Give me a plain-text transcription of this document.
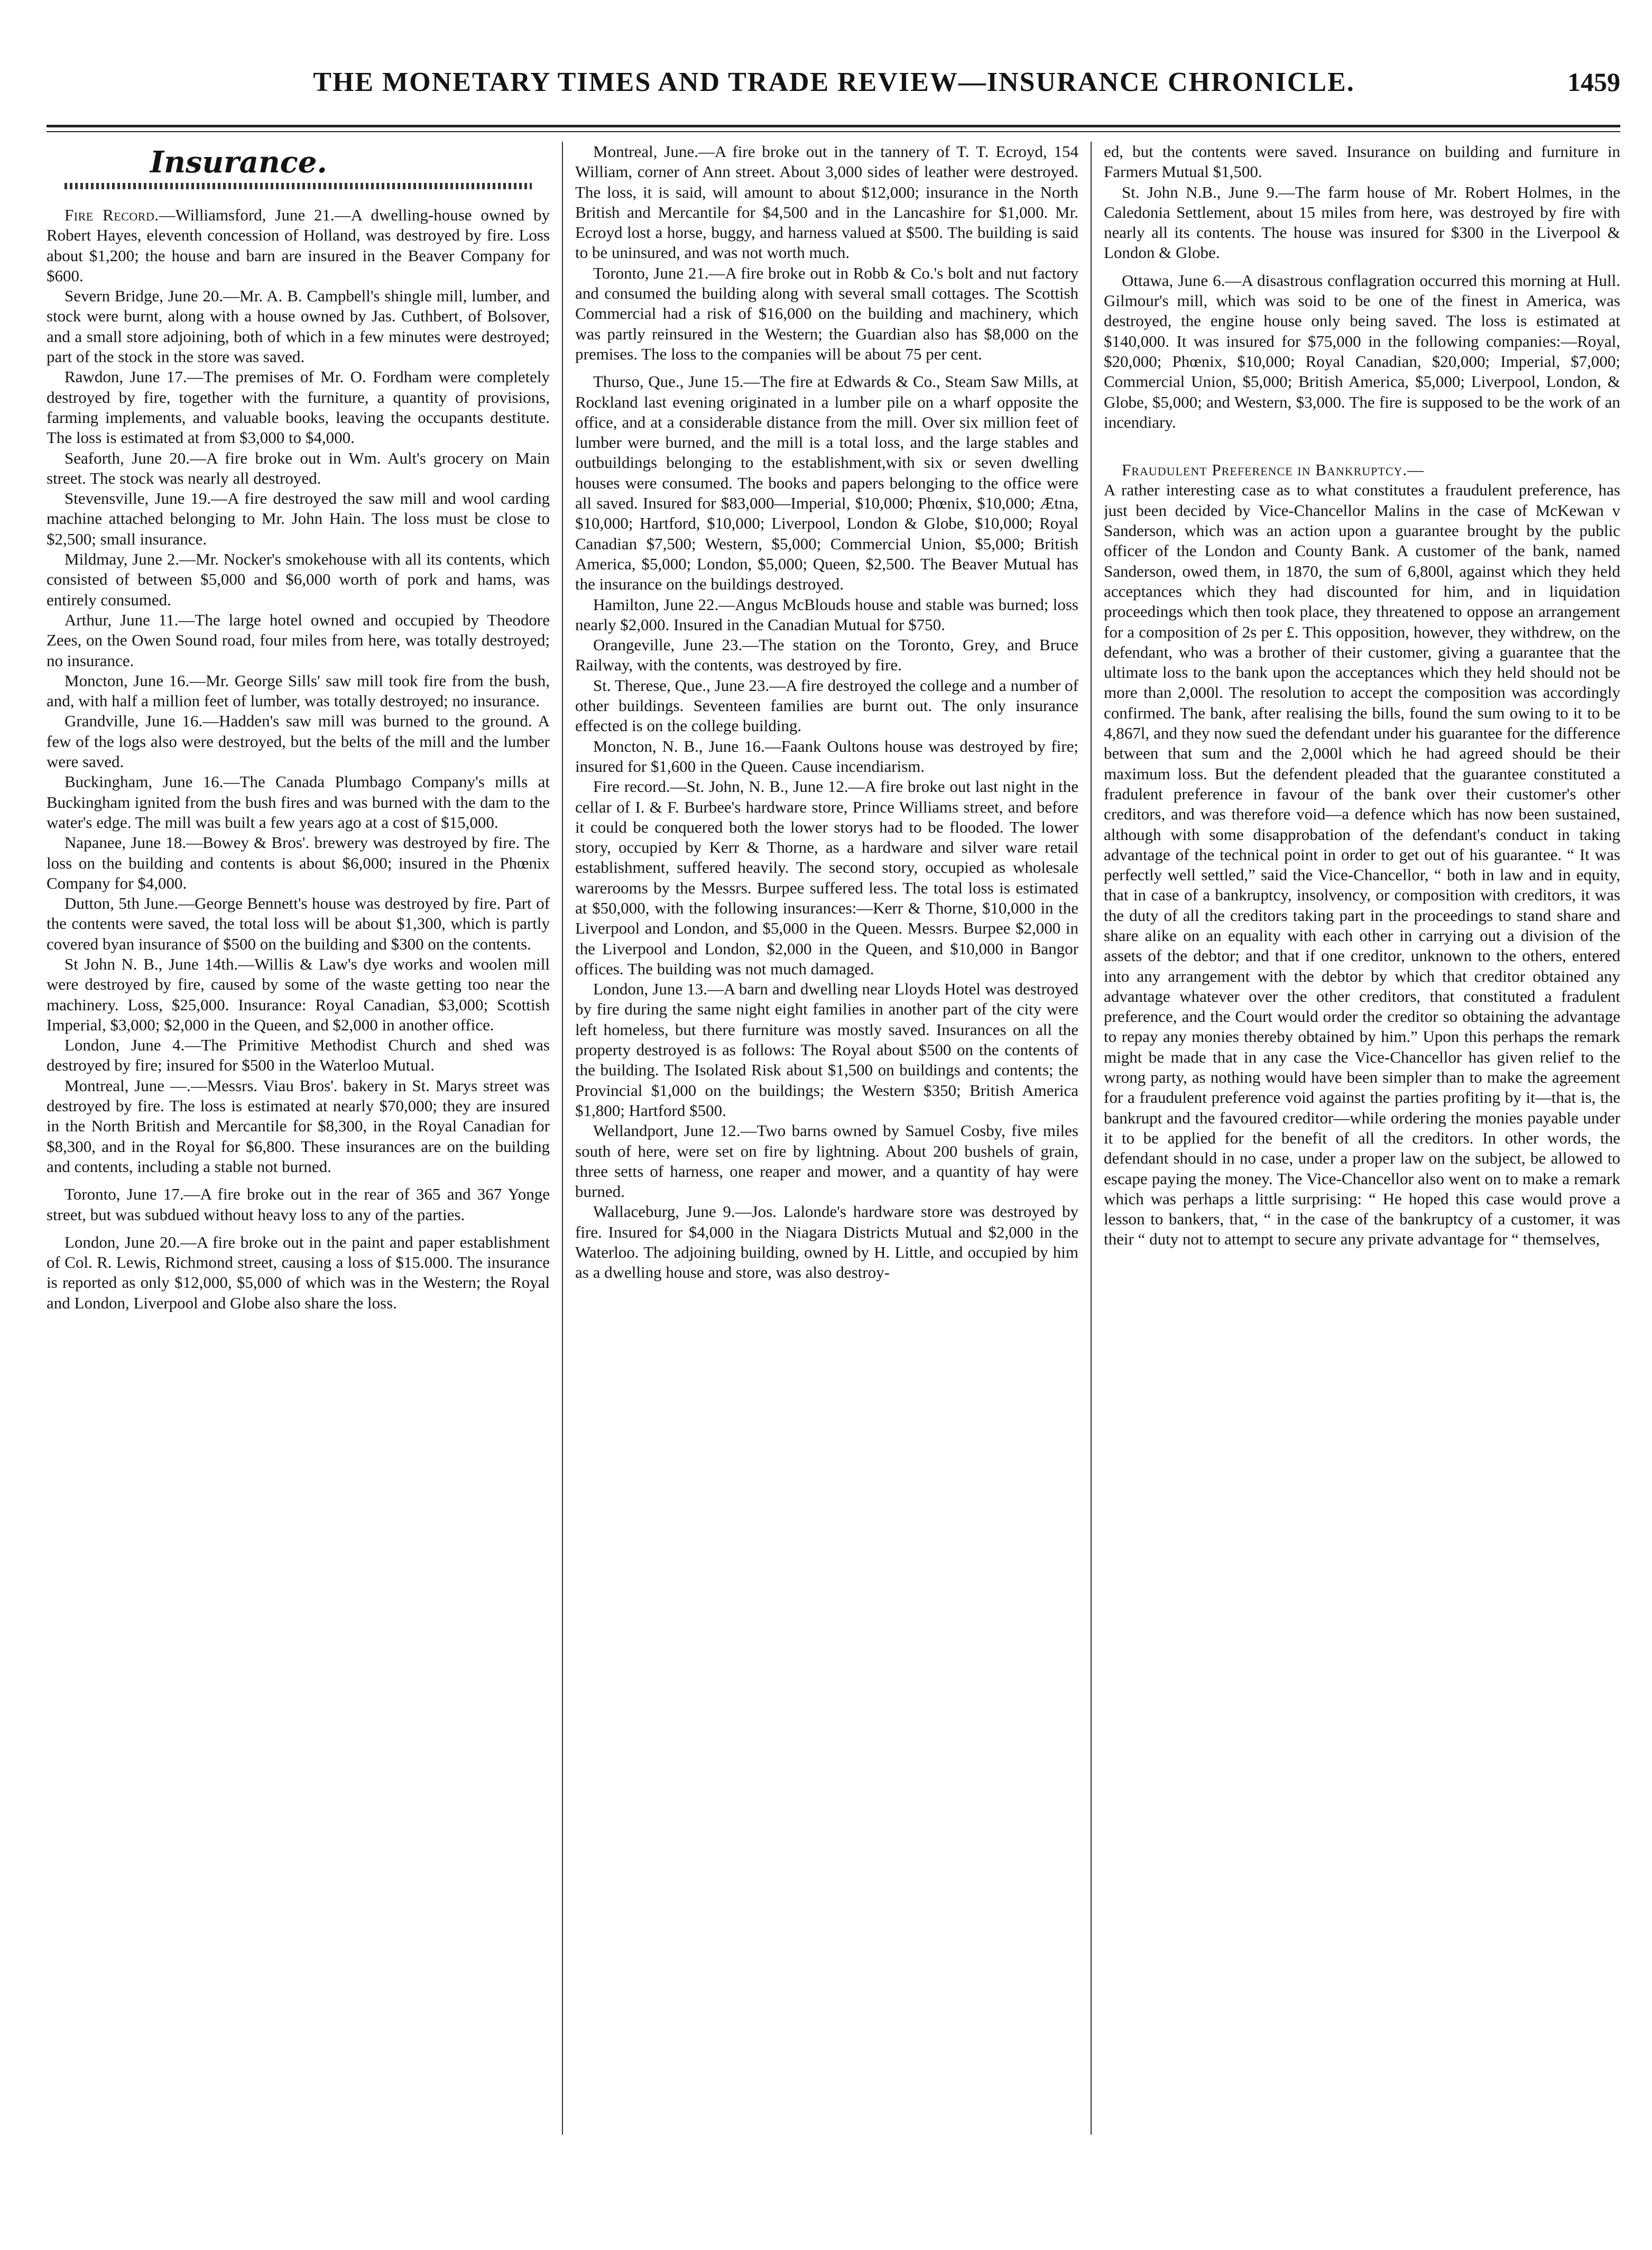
THE MONETARY TIMES AND TRADE REVIEW—INSURANCE CHRONICLE.	1459
Insurance.

Fire Record.—Williamsford, June 21.—A dwelling-house owned by Robert Hayes, eleventh concession of Holland, was destroyed by fire. Loss about $1,200; the house and barn are insured in the Beaver Company for $600.

Severn Bridge, June 20.—Mr. A. B. Campbell's shingle mill, lumber, and stock were burnt, along with a house owned by Jas. Cuthbert, of Bolsover, and a small store adjoining, both of which in a few minutes were destroyed; part of the stock in the store was saved.

Rawdon, June 17.—The premises of Mr. O. Fordham were completely destroyed by fire, together with the furniture, a quantity of provisions, farming implements, and valuable books, leaving the occupants destitute. The loss is estimated at from $3,000 to $4,000.

Seaforth, June 20.—A fire broke out in Wm. Ault's grocery on Main street. The stock was nearly all destroyed.

Stevensville, June 19.—A fire destroyed the saw mill and wool carding machine attached belonging to Mr. John Hain. The loss must be close to $2,500; small insurance.

Mildmay, June 2.—Mr. Nocker's smokehouse with all its contents, which consisted of between $5,000 and $6,000 worth of pork and hams, was entirely consumed.

Arthur, June 11.—The large hotel owned and occupied by Theodore Zees, on the Owen Sound road, four miles from here, was totally destroyed; no insurance.

Moncton, June 16.—Mr. George Sills' saw mill took fire from the bush, and, with half a million feet of lumber, was totally destroyed; no insurance.

Grandville, June 16.—Hadden's saw mill was burned to the ground. A few of the logs also were destroyed, but the belts of the mill and the lumber were saved.

Buckingham, June 16.—The Canada Plumbago Company's mills at Buckingham ignited from the bush fires and was burned with the dam to the water's edge. The mill was built a few years ago at a cost of $15,000.

Napanee, June 18.—Bowey & Bros'. brewery was destroyed by fire. The loss on the building and contents is about $6,000; insured in the Phœnix Company for $4,000.

Dutton, 5th June.—George Bennett's house was destroyed by fire. Part of the contents were saved, the total loss will be about $1,300, which is partly covered byan insurance of $500 on the building and $300 on the contents.

St John N. B., June 14th.—Willis & Law's dye works and woolen mill were destroyed by fire, caused by some of the waste getting too near the machinery. Loss, $25,000. Insurance: Royal Canadian, $3,000; Scottish Imperial, $3,000; $2,000 in the Queen, and $2,000 in another office.

London, June 4.—The Primitive Methodist Church and shed was destroyed by fire; insured for $500 in the Waterloo Mutual.

Montreal, June —.—Messrs. Viau Bros'. bakery in St. Marys street was destroyed by fire. The loss is estimated at nearly $70,000; they are insured in the North British and Mercantile for $8,300, in the Royal Canadian for $8,300, and in the Royal for $6,800. These insurances are on the building and contents, including a stable not burned.

Toronto, June 17.—A fire broke out in the rear of 365 and 367 Yonge street, but was subdued without heavy loss to any of the parties.

London, June 20.—A fire broke out in the paint and paper establishment of Col. R. Lewis, Richmond street, causing a loss of $15.000. The insurance is reported as only $12,000, $5,000 of which was in the Western; the Royal and London, Liverpool and Globe also share the loss.

Montreal, June.—A fire broke out in the tannery of T. T. Ecroyd, 154 William, corner of Ann street. About 3,000 sides of leather were destroyed. The loss, it is said, will amount to about $12,000; insurance in the North British and Mercantile for $4,500 and in the Lancashire for $1,000. Mr. Ecroyd lost a horse, buggy, and harness valued at $500. The building is said to be uninsured, and was not worth much.

Toronto, June 21.—A fire broke out in Robb & Co.'s bolt and nut factory and consumed the building along with several small cottages. The Scottish Commercial had a risk of $16,000 on the building and machinery, which was partly reinsured in the Western; the Guardian also has $8,000 on the premises. The loss to the companies will be about 75 per cent.

Thurso, Que., June 15.—The fire at Edwards & Co., Steam Saw Mills, at Rockland last evening originated in a lumber pile on a wharf opposite the office, and at a considerable distance from the mill. Over six million feet of lumber were burned, and the mill is a total loss, and the large stables and outbuildings belonging to the establishment,with six or seven dwelling houses were consumed. The books and papers belonging to the office were all saved. Insured for $83,000—Imperial, $10,000; Phœnix, $10,000; Ætna, $10,000; Hartford, $10,000; Liverpool, London & Globe, $10,000; Royal Canadian $7,500; Western, $5,000; Commercial Union, $5,000; British America, $5,000; London, $5,000; Queen, $2,500. The Beaver Mutual has the insurance on the buildings destroyed.

Hamilton, June 22.—Angus McBlouds house and stable was burned; loss nearly $2,000. Insured in the Canadian Mutual for $750.

Orangeville, June 23.—The station on the Toronto, Grey, and Bruce Railway, with the contents, was destroyed by fire.

St. Therese, Que., June 23.—A fire destroyed the college and a number of other buildings. Seventeen families are burnt out. The only insurance effected is on the college building.

Moncton, N. B., June 16.—Faank Oultons house was destroyed by fire; insured for $1,600 in the Queen. Cause incendiarism.

Fire record.—St. John, N. B., June 12.—A fire broke out last night in the cellar of I. & F. Burbee's hardware store, Prince Williams street, and before it could be conquered both the lower storys had to be flooded. The lower story, occupied by Kerr & Thorne, as a hardware and silver ware retail establishment, suffered heavily. The second story, occupied as wholesale warerooms by the Messrs. Burpee suffered less. The total loss is estimated at $50,000, with the following insurances:—Kerr & Thorne, $10,000 in the Liverpool and London, and $5,000 in the Queen. Messrs. Burpee $2,000 in the Liverpool and London, $2,000 in the Queen, and $10,000 in Bangor offices. The building was not much damaged.

London, June 13.—A barn and dwelling near Lloyds Hotel was destroyed by fire during the same night eight families in another part of the city were left homeless, but there furniture was mostly saved. Insurances on all the property destroyed is as follows: The Royal about $500 on the contents of the building. The Isolated Risk about $1,500 on buildings and contents; the Provincial $1,000 on the buildings; the Western $350; British America $1,800; Hartford $500.

Wellandport, June 12.—Two barns owned by Samuel Cosby, five miles south of here, were set on fire by lightning. About 200 bushels of grain, three setts of harness, one reaper and mower, and a quantity of hay were burned.

Wallaceburg, June 9.—Jos. Lalonde's hardware store was destroyed by fire. Insured for $4,000 in the Niagara Districts Mutual and $2,000 in the Waterloo. The adjoining building, owned by H. Little, and occupied by him as a dwelling house and store, was also destroy-

ed, but the contents were saved. Insurance on building and furniture in Farmers Mutual $1,500.

St. John N.B., June 9.—The farm house of Mr. Robert Holmes, in the Caledonia Settlement, about 15 miles from here, was destroyed by fire with nearly all its contents. The house was insured for $300 in the Liverpool & London & Globe.

Ottawa, June 6.—A disastrous conflagration occurred this morning at Hull. Gilmour's mill, which was soid to be one of the finest in America, was destroyed, the engine house only being saved. The loss is estimated at $140,000. It was insured for $75,000 in the following companies:—Royal, $20,000; Phœnix, $10,000; Royal Canadian, $20,000; Imperial, $7,000; Commercial Union, $5,000; British America, $5,000; Liverpool, London, & Globe, $5,000; and Western, $3,000. The fire is supposed to be the work of an incendiary.

Fraudulent Preference in Bankruptcy.—

A rather interesting case as to what constitutes a fraudulent preference, has just been decided by Vice-Chancellor Malins in the case of McKewan v Sanderson, which was an action upon a guarantee brought by the public officer of the London and County Bank. A customer of the bank, named Sanderson, owed them, in 1870, the sum of 6,800l, against which they held acceptances which they had discounted for him, and in liquidation proceedings which then took place, they threatened to oppose an arrangement for a composition of 2s per £. This opposition, however, they withdrew, on the defendant, who was a brother of their customer, giving a guarantee that the ultimate loss to the bank upon the acceptances which they held should not be more than 2,000l. The resolution to accept the composition was accordingly confirmed. The bank, after realising the bills, found the sum owing to it to be 4,867l, and they now sued the defendant under his guarantee for the difference between that sum and the 2,000l which he had agreed should be their maximum loss. But the defendent pleaded that the guarantee constituted a fradulent preference in favour of the bank over their customer's other creditors, and was therefore void—a defence which has now been sustained, although with some disapprobation of the defendant's conduct in taking advantage of the technical point in order to get out of his guarantee. “ It was perfectly well settled,” said the Vice-Chancellor, “ both in law and in equity, that in case of a bankruptcy, insolvency, or composition with creditors, it was the duty of all the creditors taking part in the proceedings to stand share and share alike on an equality with each other in carrying out a division of the assets of the debtor; and that if one creditor, unknown to the others, entered into any arrangement with the debtor by which that creditor obtained any advantage whatever over the other creditors, that constituted a fradulent preference, and the Court would order the creditor so obtaining the advantage to repay any monies thereby obtained by him.” Upon this perhaps the remark might be made that in any case the Vice-Chancellor has given relief to the wrong party, as nothing would have been simpler than to make the agreement for a fraudulent preference void against the parties profiting by it—that is, the bankrupt and the favoured creditor—while ordering the monies payable under it to be applied for the benefit of all the creditors. In other words, the defendant should in no case, under a proper law on the subject, be allowed to escape paying the money. The Vice-Chancellor also went on to make a remark which was perhaps a little surprising: “ He hoped this case would prove a lesson to bankers, that, “ in the case of the bankruptcy of a customer, it was their “ duty not to attempt to secure any private advantage for “ themselves,
